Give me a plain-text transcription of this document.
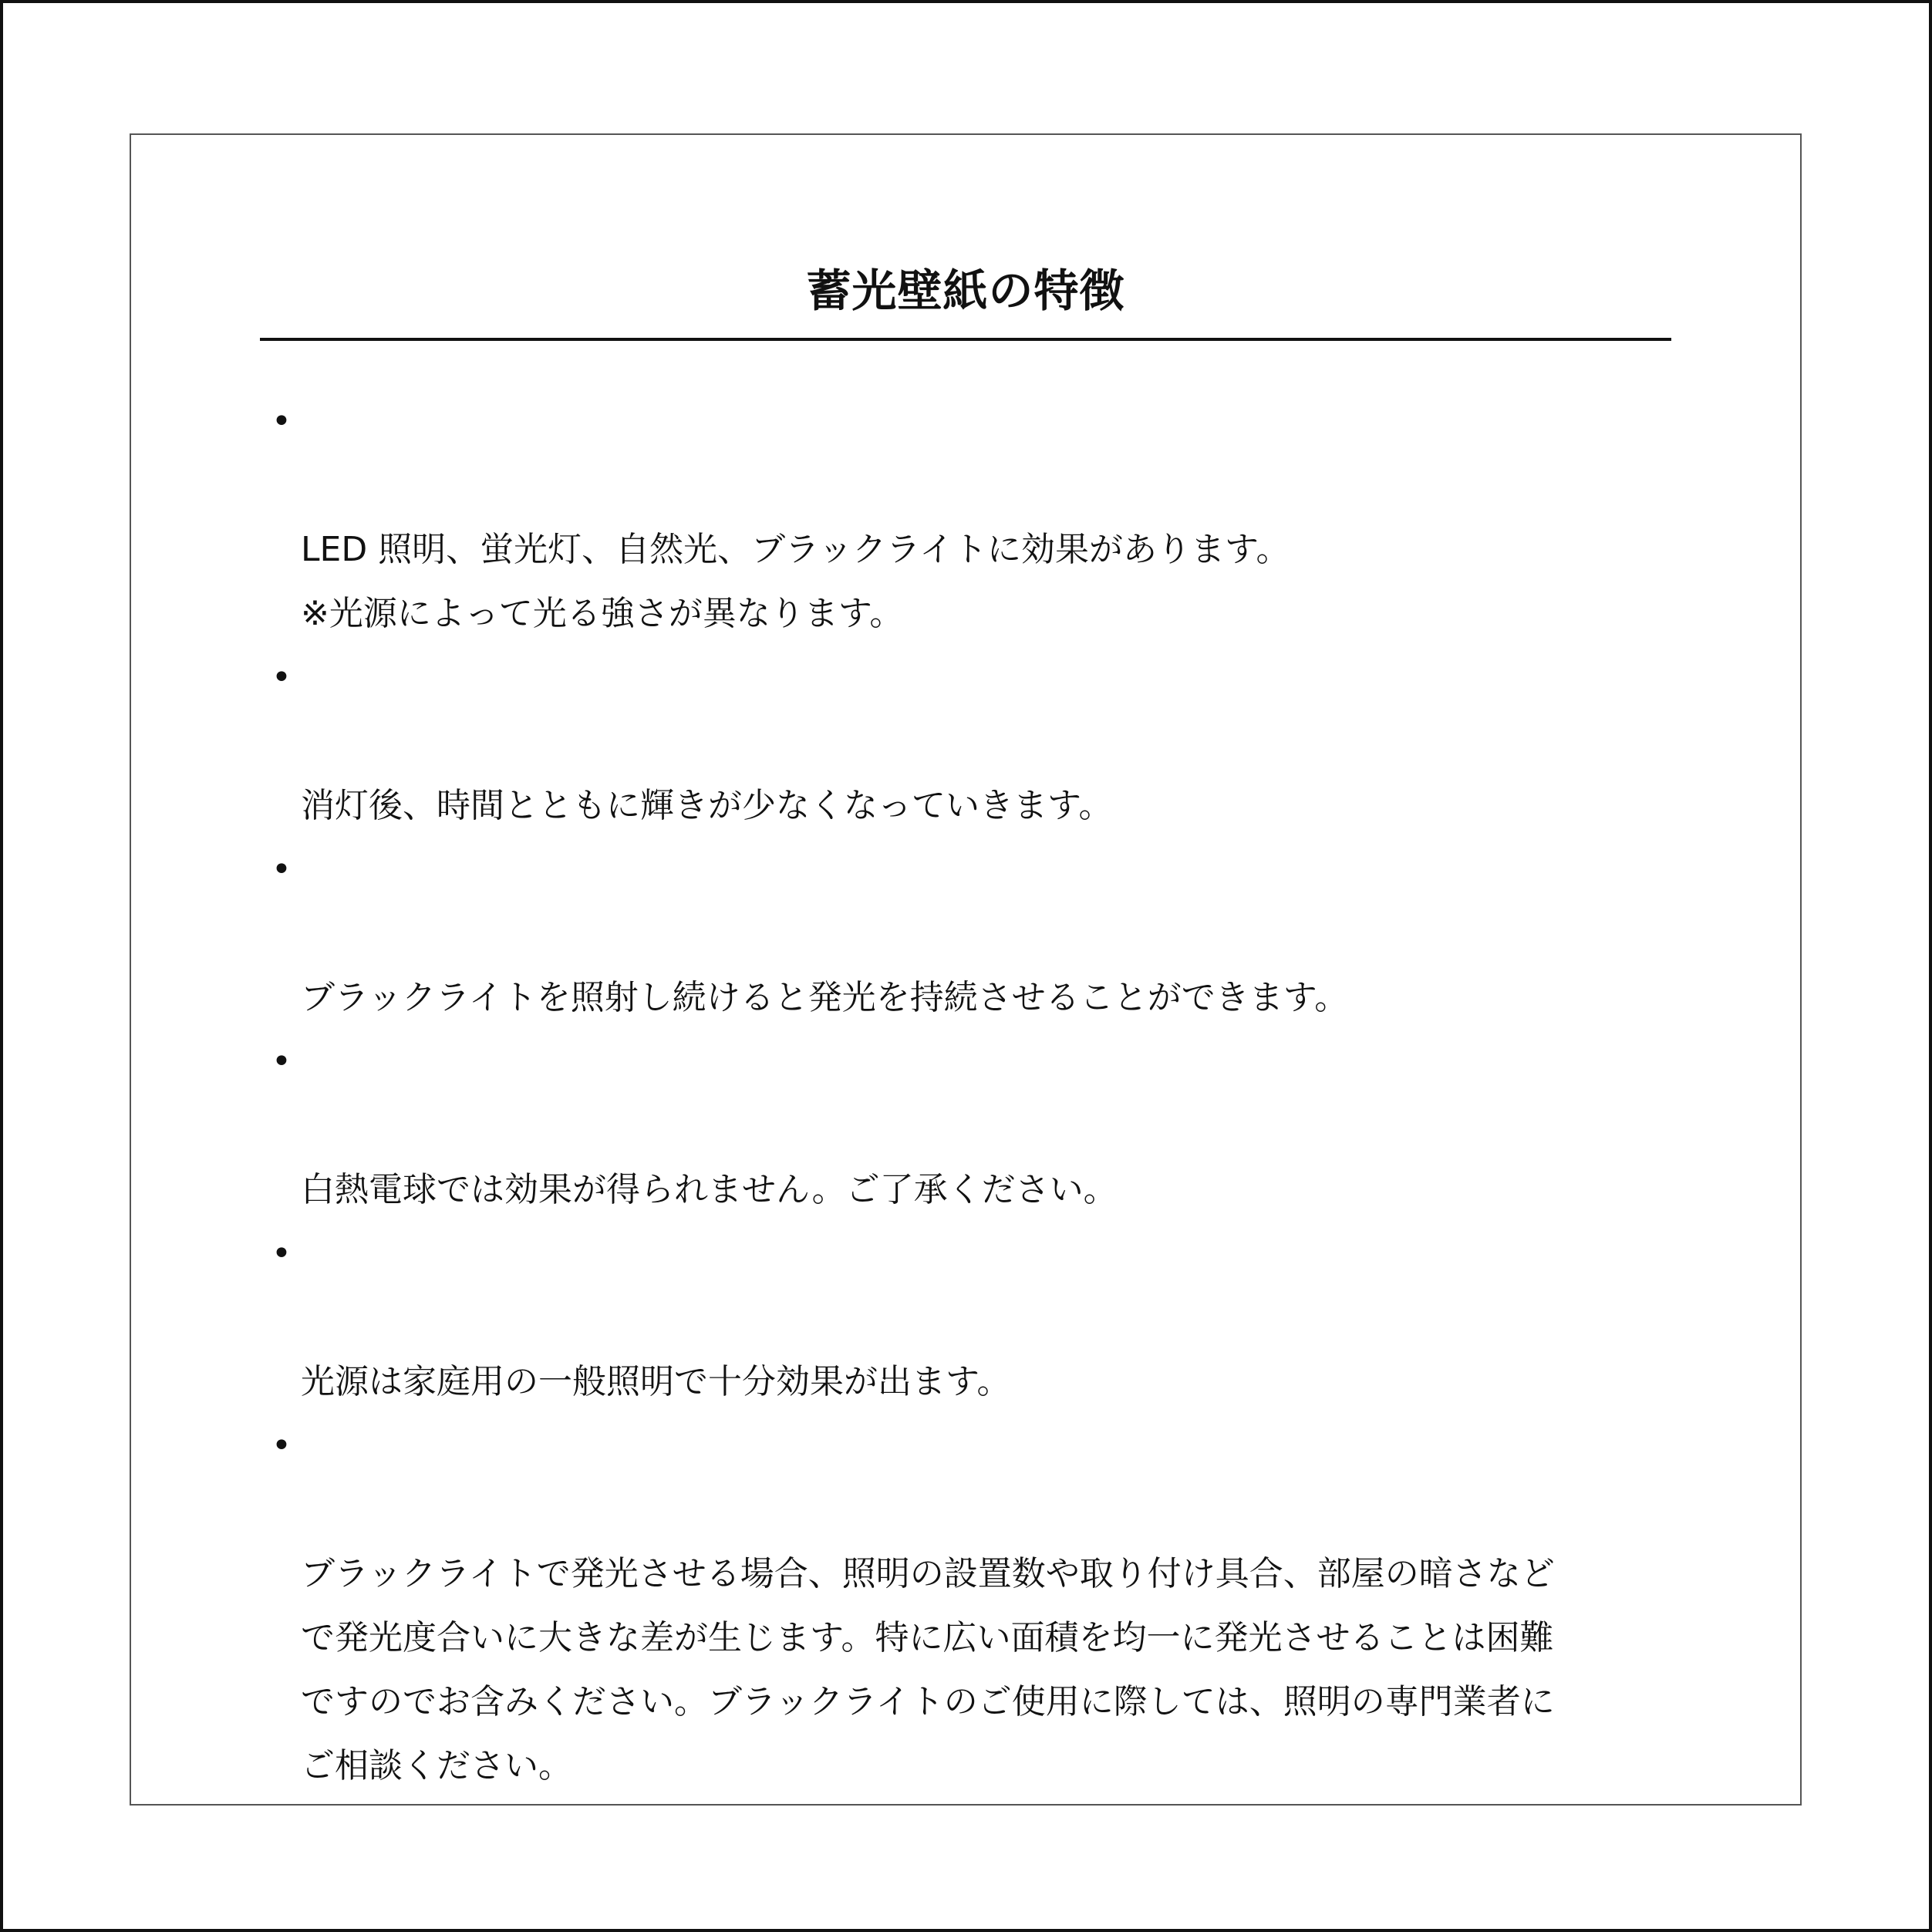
蓄光壁紙の特徴

•

LED 照明、蛍光灯、自然光、ブラックライトに効果があります。
※光源によって光る強さが異なります。

•

消灯後、時間とともに輝きが少なくなっていきます。

•

ブラックライトを照射し続けると発光を持続させることができます。

•

白熱電球では効果が得られません。ご了承ください。

•

光源は家庭用の一般照明で十分効果が出ます。

•

ブラックライトで発光させる場合、照明の設置数や取り付け具合、部屋の暗さなど
で発光度合いに大きな差が生じます。特に広い面積を均一に発光させることは困難
ですのでお含みください。ブラックライトのご使用に際しては、照明の専門業者に
ご相談ください。
